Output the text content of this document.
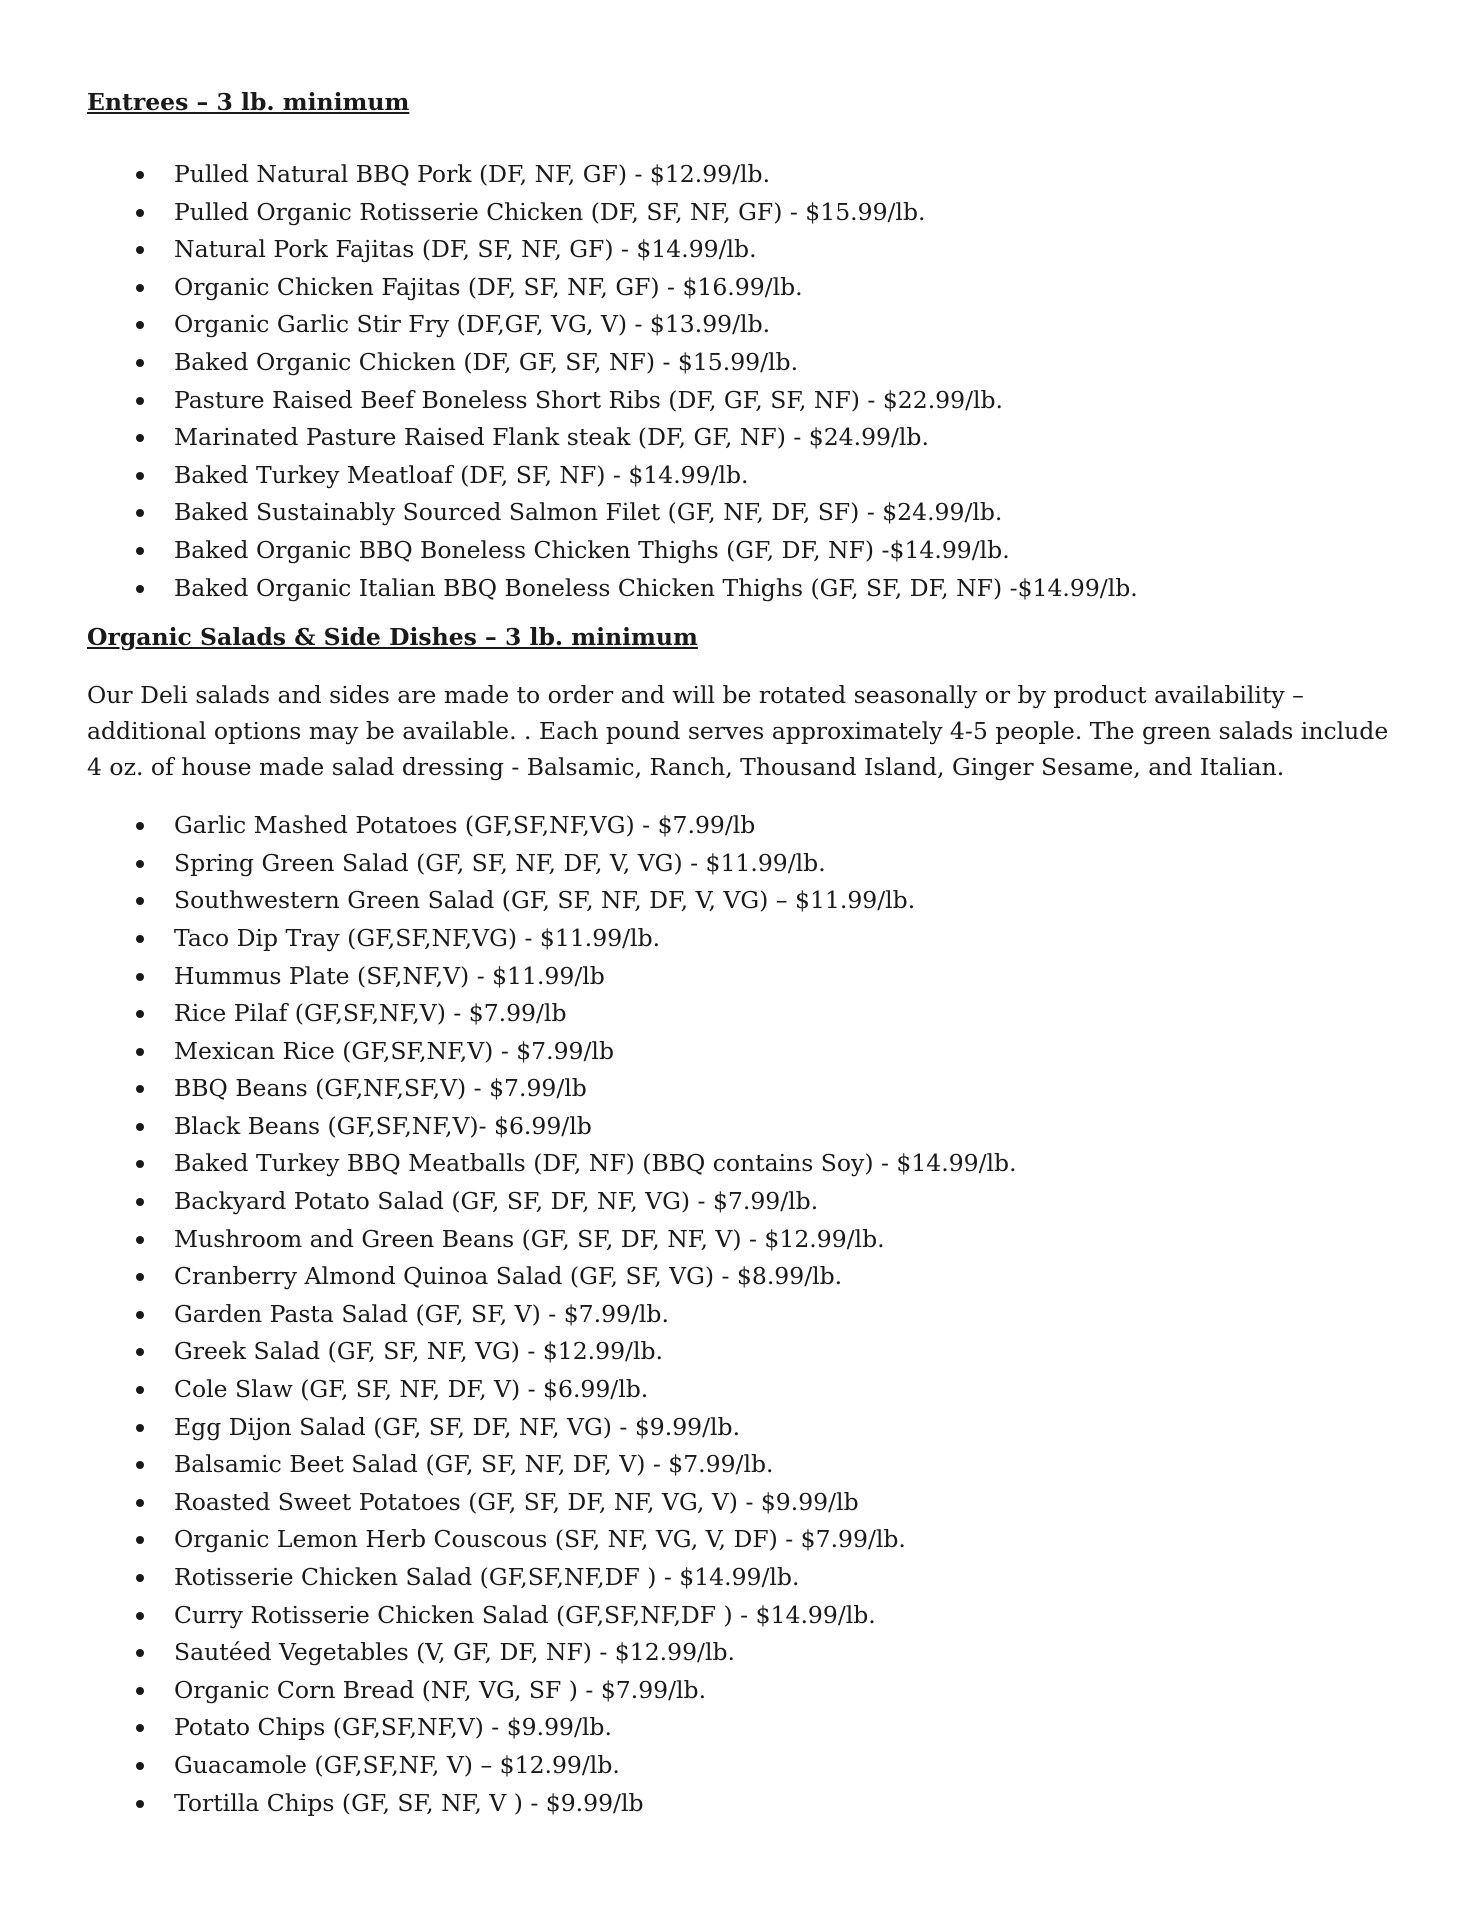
Entrees – 3 lb. minimum
Pulled Natural BBQ Pork (DF, NF, GF) - $12.99/lb.
Pulled Organic Rotisserie Chicken (DF, SF, NF, GF) - $15.99/lb.
Natural Pork Fajitas (DF, SF, NF, GF) - $14.99/lb.
Organic Chicken Fajitas (DF, SF, NF, GF) - $16.99/lb.
Organic Garlic Stir Fry (DF,GF, VG, V) - $13.99/lb.
Baked Organic Chicken (DF, GF, SF, NF) - $15.99/lb.
Pasture Raised Beef Boneless Short Ribs (DF, GF, SF, NF) - $22.99/lb.
Marinated Pasture Raised Flank steak (DF, GF, NF) - $24.99/lb.
Baked Turkey Meatloaf (DF, SF, NF) - $14.99/lb.
Baked Sustainably Sourced Salmon Filet (GF, NF, DF, SF) - $24.99/lb.
Baked Organic BBQ Boneless Chicken Thighs (GF, DF, NF) -$14.99/lb.
Baked Organic Italian BBQ Boneless Chicken Thighs (GF, SF, DF, NF) -$14.99/lb.
Organic Salads & Side Dishes – 3 lb. minimum

Our Deli salads and sides are made to order and will be rotated seasonally or by product availability – additional options may be available. . Each pound serves approximately 4-5 people. The green salads include 4 oz. of house made salad dressing - Balsamic, Ranch, Thousand Island, Ginger Sesame, and Italian.

Garlic Mashed Potatoes (GF,SF,NF,VG) - $7.99/lb
Spring Green Salad (GF, SF, NF, DF, V, VG) - $11.99/lb.
Southwestern Green Salad (GF, SF, NF, DF, V, VG) – $11.99/lb.
Taco Dip Tray (GF,SF,NF,VG) - $11.99/lb.
Hummus Plate (SF,NF,V) - $11.99/lb
Rice Pilaf (GF,SF,NF,V) - $7.99/lb
Mexican Rice (GF,SF,NF,V) - $7.99/lb
BBQ Beans (GF,NF,SF,V) - $7.99/lb
Black Beans (GF,SF,NF,V)- $6.99/lb
Baked Turkey BBQ Meatballs (DF, NF) (BBQ contains Soy) - $14.99/lb.
Backyard Potato Salad (GF, SF, DF, NF, VG) - $7.99/lb.
Mushroom and Green Beans (GF, SF, DF, NF, V) - $12.99/lb.
Cranberry Almond Quinoa Salad (GF, SF, VG) - $8.99/lb.
Garden Pasta Salad (GF, SF, V) - $7.99/lb.
Greek Salad (GF, SF, NF, VG) - $12.99/lb.
Cole Slaw (GF, SF, NF, DF, V) - $6.99/lb.
Egg Dijon Salad (GF, SF, DF, NF, VG) - $9.99/lb.
Balsamic Beet Salad (GF, SF, NF, DF, V) - $7.99/lb.
Roasted Sweet Potatoes (GF, SF, DF, NF, VG, V) - $9.99/lb
Organic Lemon Herb Couscous (SF, NF, VG, V, DF) - $7.99/lb.
Rotisserie Chicken Salad (GF,SF,NF,DF ) - $14.99/lb.
Curry Rotisserie Chicken Salad (GF,SF,NF,DF ) - $14.99/lb.
Sautéed Vegetables (V, GF, DF, NF) - $12.99/lb.
Organic Corn Bread (NF, VG, SF ) - $7.99/lb.
Potato Chips (GF,SF,NF,V) - $9.99/lb.
Guacamole (GF,SF,NF, V) – $12.99/lb.
Tortilla Chips (GF, SF, NF, V ) - $9.99/lb
